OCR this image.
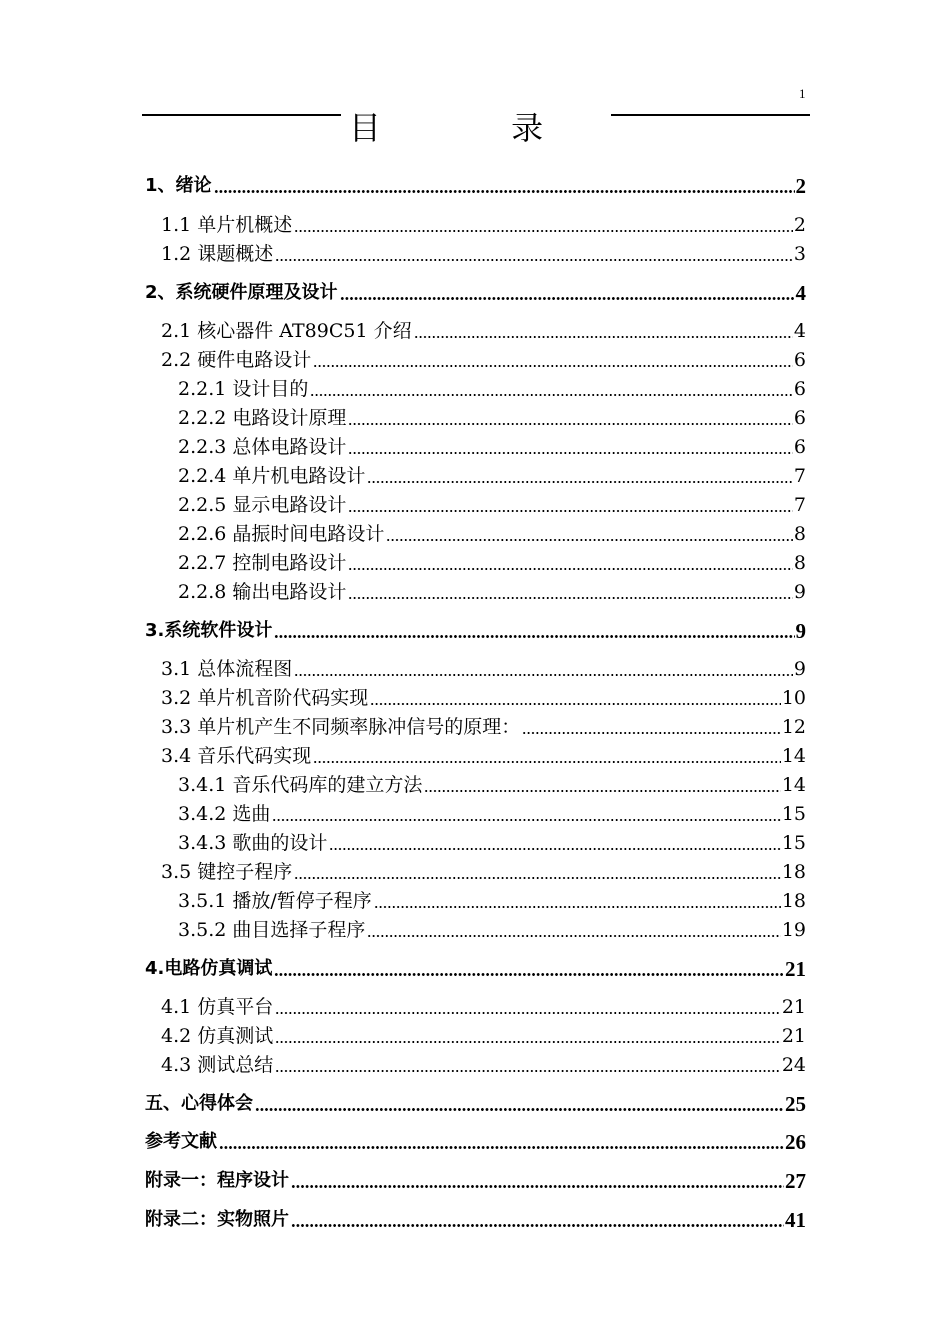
1
目 录
1、绪论	2
1.1 单片机概述	2
1.2 课题概述	3
2、系统硬件原理及设计	4
2.1 核心器件 AT89C51 介绍	4
2.2 硬件电路设计	6
2.2.1 设计目的	6
2.2.2 电路设计原理	6
2.2.3 总体电路设计	6
2.2.4 单片机电路设计	7
2.2.5 显示电路设计	7
2.2.6 晶振时间电路设计	8
2.2.7 控制电路设计	8
2.2.8 输出电路设计	9
3.系统软件设计	9
3.1 总体流程图	9
3.2 单片机音阶代码实现	10
3.3 单片机产生不同频率脉冲信号的原理：	12
3.4 音乐代码实现	14
3.4.1 音乐代码库的建立方法	14
3.4.2 选曲	15
3.4.3 歌曲的设计	15
3.5 键控子程序	18
3.5.1 播放/暂停子程序	18
3.5.2 曲目选择子程序	19
4.电路仿真调试	21
4.1 仿真平台	21
4.2 仿真测试	21
4.3 测试总结	24
五、心得体会	25
参考文献	26
附录一：程序设计	27
附录二：实物照片	41
